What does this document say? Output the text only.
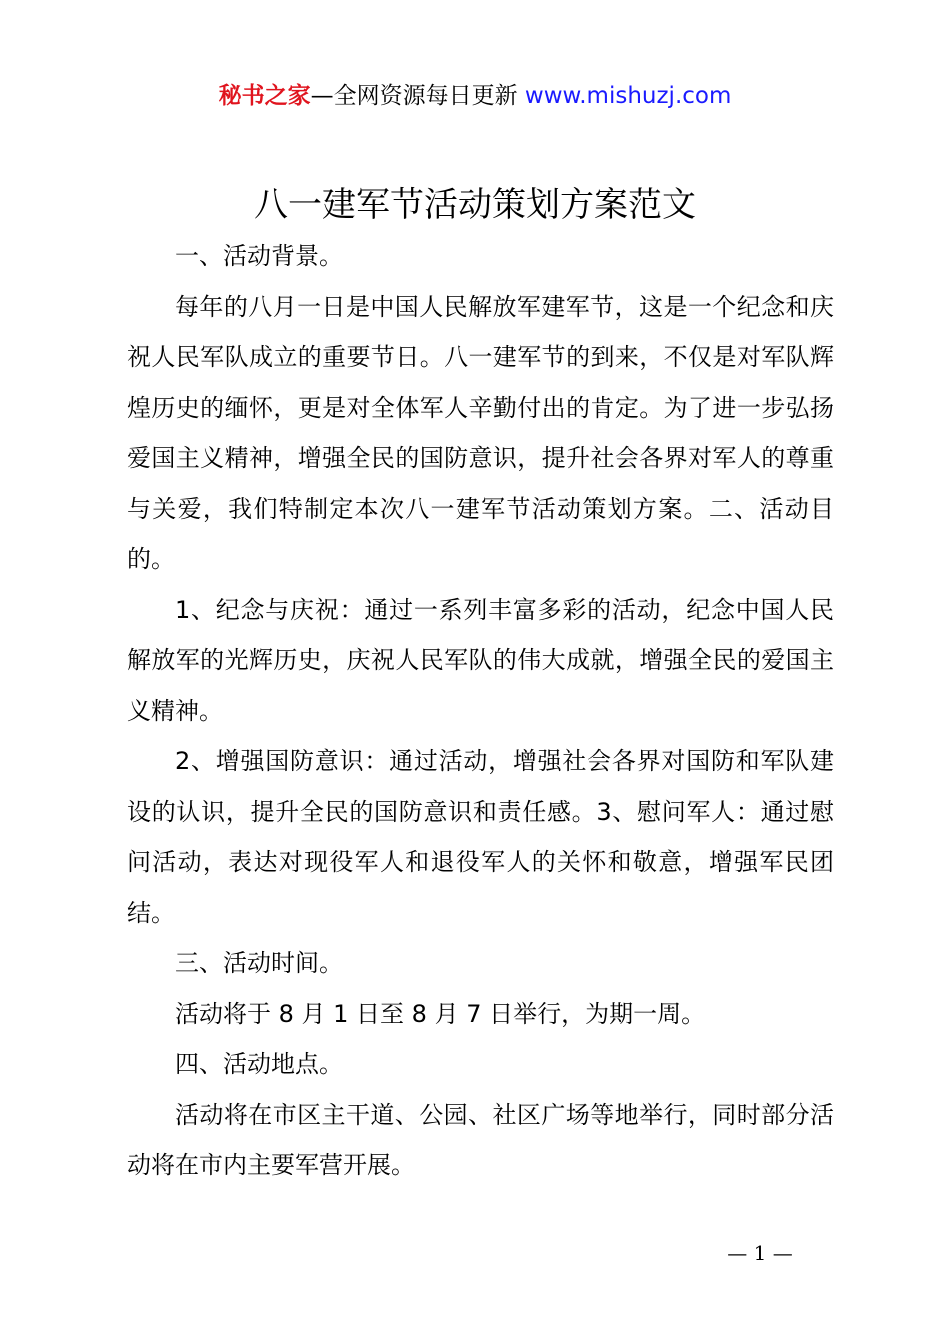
秘书之家—全网资源每日更新 www.mishuzj.com
八一建军节活动策划方案范文

一、活动背景。

每年的八月一日是中国人民解放军建军节，这是一个纪念和庆祝人民军队成立的重要节日。八一建军节的到来，不仅是对军队辉煌历史的缅怀，更是对全体军人辛勤付出的肯定。为了进一步弘扬爱国主义精神，增强全民的国防意识，提升社会各界对军人的尊重与关爱，我们特制定本次八一建军节活动策划方案。二、活动目的。

1、纪念与庆祝：通过一系列丰富多彩的活动，纪念中国人民解放军的光辉历史，庆祝人民军队的伟大成就，增强全民的爱国主义精神。

2、增强国防意识：通过活动，增强社会各界对国防和军队建设的认识，提升全民的国防意识和责任感。3、慰问军人：通过慰问活动，表达对现役军人和退役军人的关怀和敬意，增强军民团结。

三、活动时间。

活动将于 8 月 1 日至 8 月 7 日举行，为期一周。

四、活动地点。

活动将在市区主干道、公园、社区广场等地举行，同时部分活动将在市内主要军营开展。

— 1 —
